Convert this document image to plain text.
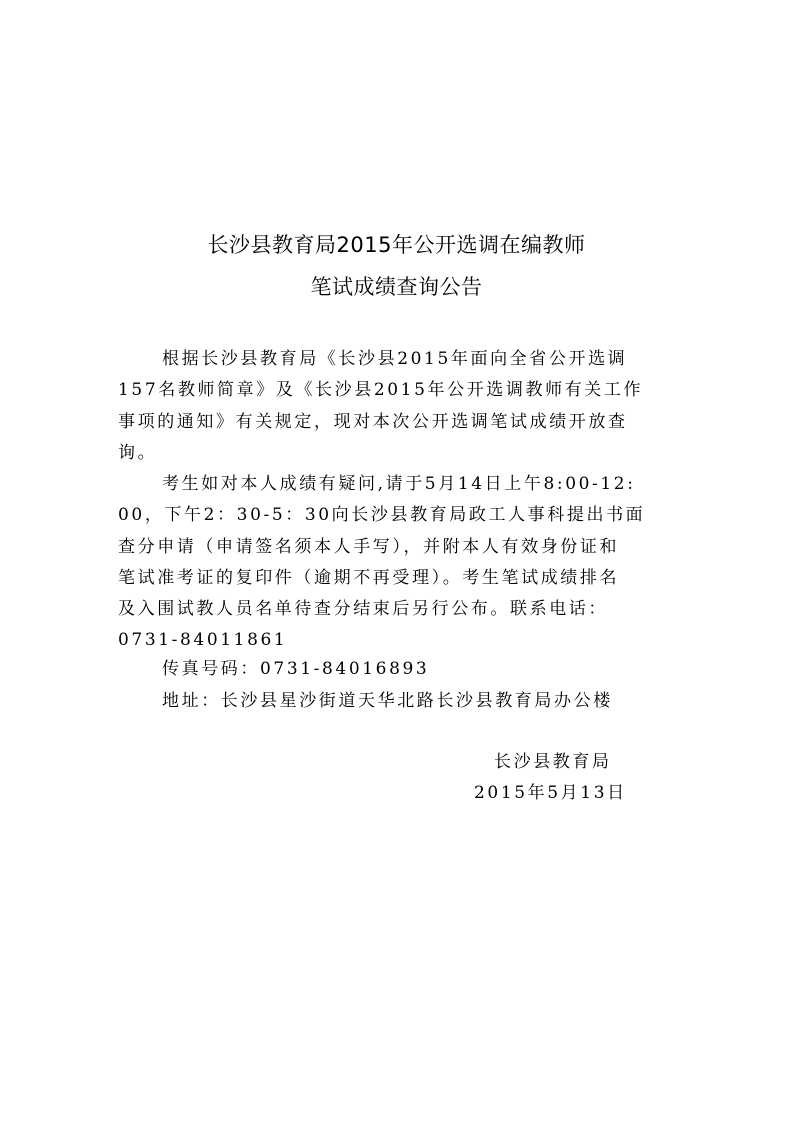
长沙县教育局2015年公开选调在编教师
笔试成绩查询公告
根据长沙县教育局《长沙县2015年面向全省公开选调
157名教师简章》及《长沙县2015年公开选调教师有关工作
事项的通知》有关规定，现对本次公开选调笔试成绩开放查
询。
考生如对本人成绩有疑问,请于5月14日上午8:00-12:
00，下午2：30-5：30向长沙县教育局政工人事科提出书面
查分申请（申请签名须本人手写），并附本人有效身份证和
笔试准考证的复印件（逾期不再受理）。考生笔试成绩排名
及入围试教人员名单待查分结束后另行公布。联系电话：
0731-84011861
传真号码：0731-84016893
地址：长沙县星沙街道天华北路长沙县教育局办公楼
长沙县教育局
2015年5月13日
